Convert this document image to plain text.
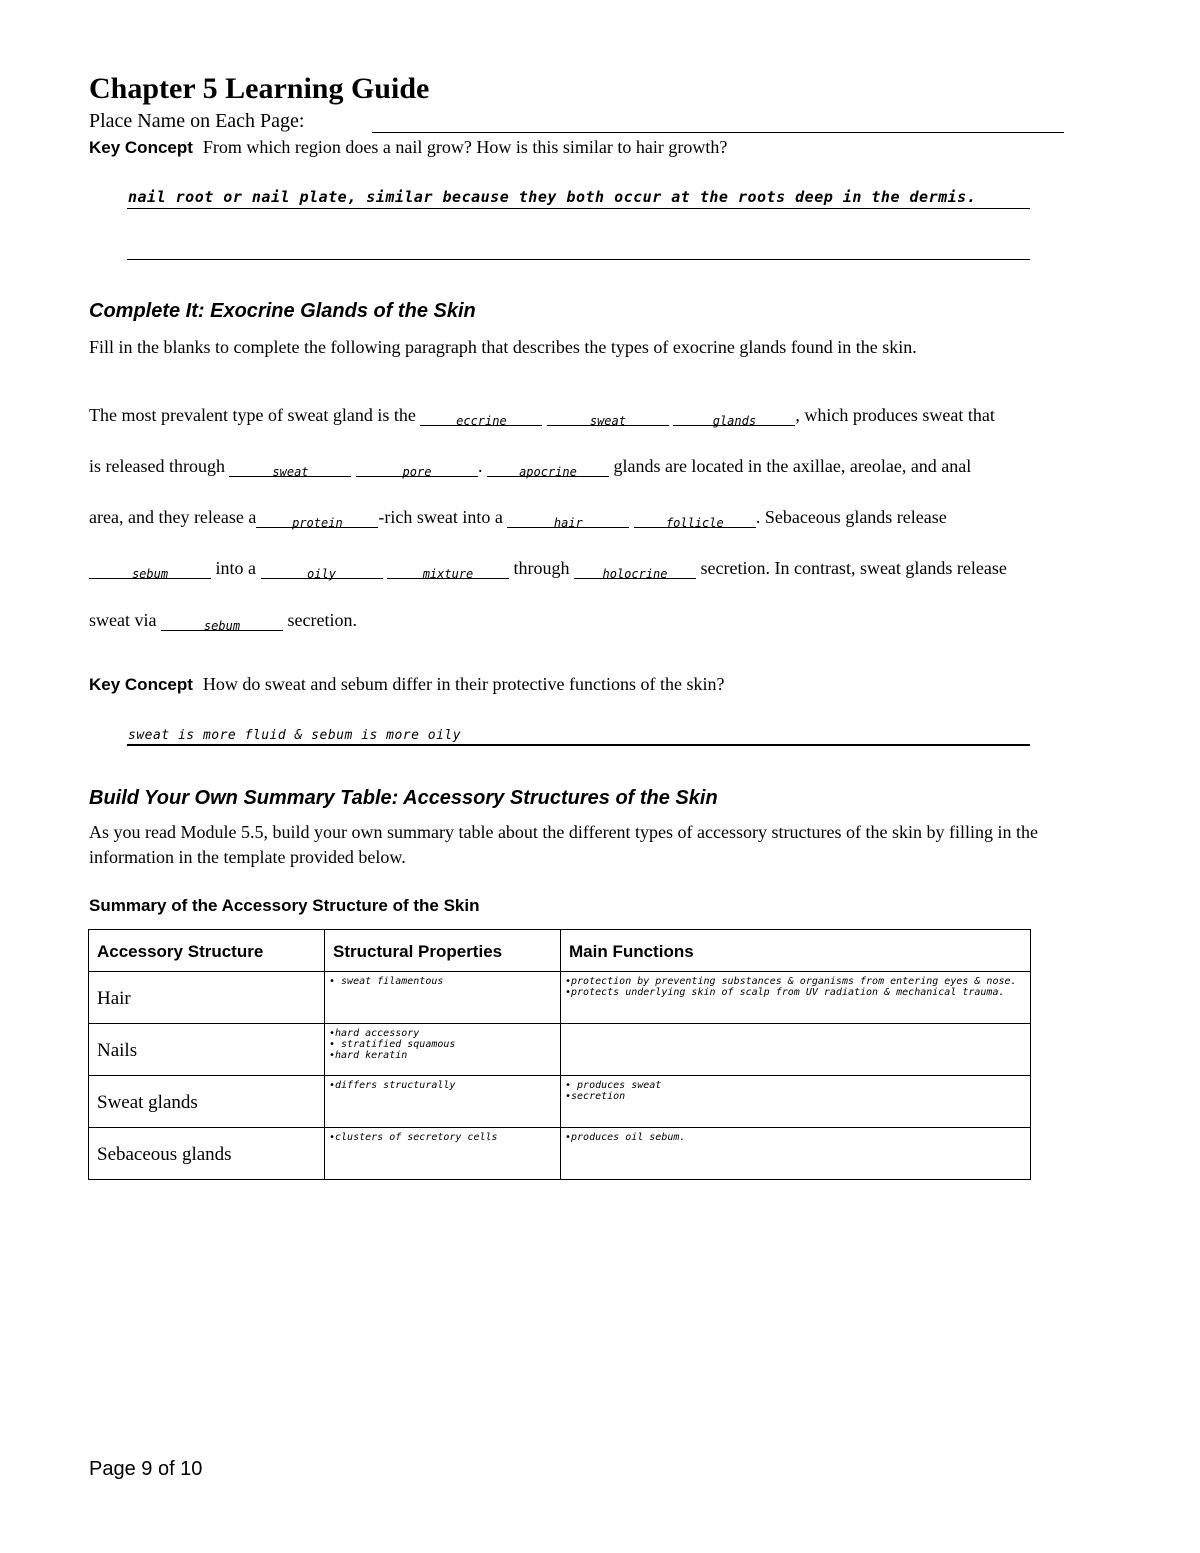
Chapter 5 Learning Guide
Place Name on Each Page:
Key Concept From which region does a nail grow? How is this similar to hair growth?
nail root or nail plate, similar because they both occur at the roots deep in the dermis.
Complete It: Exocrine Glands of the Skin
Fill in the blanks to complete the following paragraph that describes the types of exocrine glands found in the skin.
The most prevalent type of sweat gland is the	$_{eccrine}$	$_{sweat}$	$_{glands}$ , which produces sweat that
is released through	$_{sweat}$	$_{pore}$	.	$_{apocrine}$ glands are located in the axillae, areolae, and anal
area, and they release a	$_{protein}$ -rich sweat into a	$_{hair}$	$_{follicle}$ . Sebaceous glands release
$_{sebum}$	into a	$_{oily}$	$_{mixture}$ through	$_{holocrine}$ secretion. In contrast, sweat glands release
sweat via	$_{sebum}$	secretion.
Key Concept How do sweat and sebum differ in their protective functions of the skin?
sweat is more fluid & sebum is more oily
Build Your Own Summary Table: Accessory Structures of the Skin
As you read Module 5.5, build your own summary table about the different types of accessory structures of the skin by filling in the information in the template provided below.
Summary of the Accessory Structure of the Skin
Accessory Structure	Structural Properties	Main Functions
Hair	• sweat filamentous	•protection by preventing substances & organisms from entering eyes & nose.
•protects underlying skin of scalp from UV radiation & mechanical trauma.

Nails	•hard accessory
• stratified squamous
•hard keratin	

Sweat glands	•differs structurally	• produces sweat
•secretion

Sebaceous glands	•clusters of secretory cells	•produces oil sebum.
Page 9 of 10
